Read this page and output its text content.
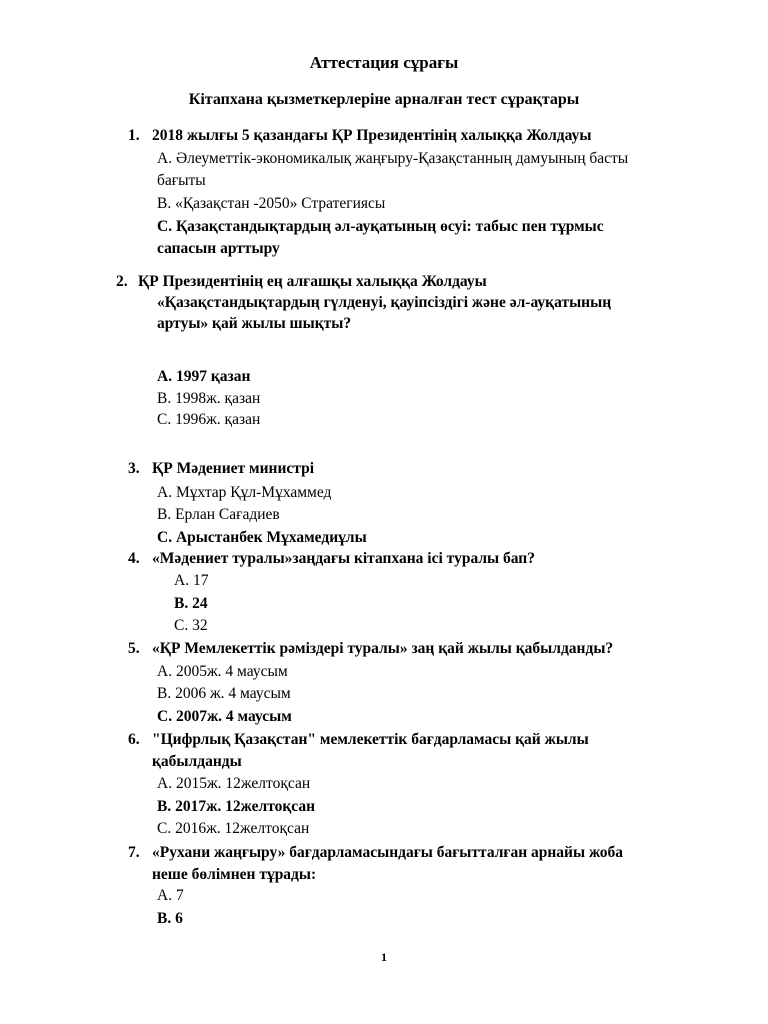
Аттестация сұрағы
Кітапхана қызметкерлеріне арналған тест сұрақтары
1. 2018 жылғы 5 қазандағы ҚР Президентінің халыққа Жолдауы
A. Әлеуметтік-экономикалық жаңғыру-Қазақстанның дамуының басты
бағыты
B. «Қазақстан -2050» Стратегиясы
C. Қазақстандықтардың әл-ауқатының өсуі: табыс пен тұрмыс
сапасын арттыру
2. ҚР Президентінің ең алғашқы халыққа Жолдауы
«Қазақстандықтардың гүлденуі, қауіпсіздігі және әл-ауқатының
артуы» қай жылы шықты?
A. 1997 қазан
B. 1998ж. қазан
C. 1996ж. қазан
3. ҚР Мәдениет министрі
A. Мұхтар Құл-Мұхаммед
B. Ерлан Сағадиев
C. Арыстанбек Мұхамедиұлы
4. «Мәдениет туралы»заңдағы кітапхана ісі туралы бап?
A. 17
B. 24
C. 32
5. «ҚР Мемлекеттік рәміздері туралы» заң қай жылы қабылданды?
A. 2005ж. 4 маусым
B. 2006 ж. 4 маусым
C. 2007ж. 4 маусым
6. "Цифрлық Қазақстан" мемлекеттік бағдарламасы қай жылы
қабылданды
A. 2015ж. 12желтоқсан
B. 2017ж. 12желтоқсан
C. 2016ж. 12желтоқсан
7. «Рухани жаңғыру» бағдарламасындағы бағытталған арнайы жоба
неше бөлімнен тұрады:
A. 7
B. 6
1
